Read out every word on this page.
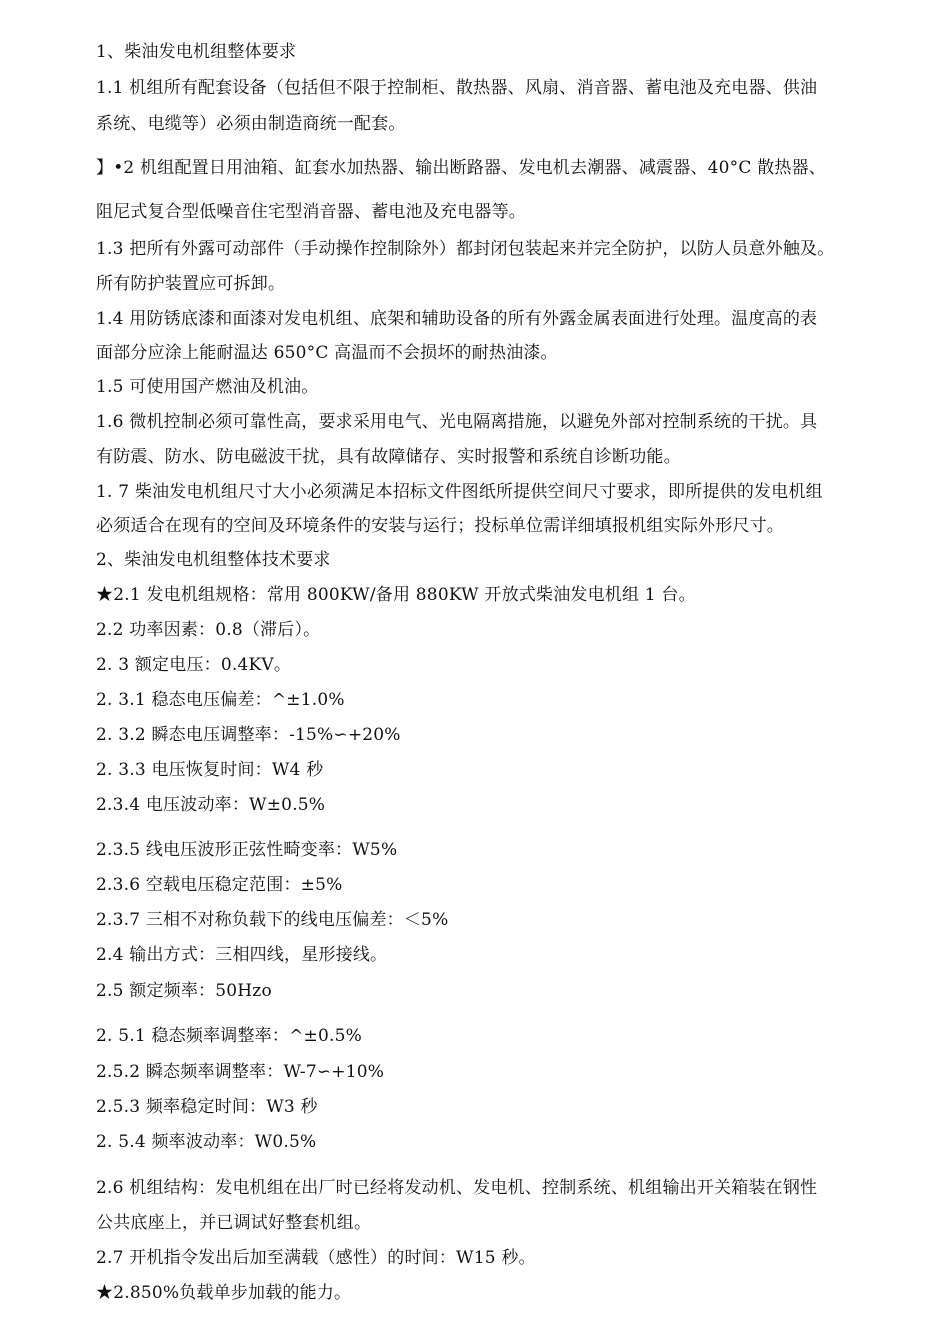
1、柴油发电机组整体要求
1.1 机组所有配套设备（包括但不限于控制柜、散热器、风扇、消音器、蓄电池及充电器、供油
系统、电缆等）必须由制造商统一配套。
】•2 机组配置日用油箱、缸套水加热器、输出断路器、发电机去潮器、减震器、40°C 散热器、
阻尼式复合型低噪音住宅型消音器、蓄电池及充电器等。
1.3 把所有外露可动部件（手动操作控制除外）都封闭包装起来并完全防护，以防人员意外触及。
所有防护装置应可拆卸。
1.4 用防锈底漆和面漆对发电机组、底架和辅助设备的所有外露金属表面进行处理。温度高的表
面部分应涂上能耐温达 650°C 高温而不会损坏的耐热油漆。
1.5 可使用国产燃油及机油。
1.6 微机控制必须可靠性高，要求采用电气、光电隔离措施，以避免外部对控制系统的干扰。具
有防震、防水、防电磁波干扰，具有故障储存、实时报警和系统自诊断功能。
1. 7 柴油发电机组尺寸大小必须满足本招标文件图纸所提供空间尺寸要求，即所提供的发电机组
必须适合在现有的空间及环境条件的安装与运行；投标单位需详细填报机组实际外形尺寸。
2、柴油发电机组整体技术要求
★2.1 发电机组规格：常用 800KW/备用 880KW 开放式柴油发电机组 1 台。
2.2 功率因素：0.8（滞后）。
2. 3 额定电压：0.4KV。
2. 3.1 稳态电压偏差：^±1.0%
2. 3.2 瞬态电压调整率：-15%∽+20%
2. 3.3 电压恢复时间：W4 秒
2.3.4 电压波动率：W±0.5%
2.3.5 线电压波形正弦性畸变率：W5%
2.3.6 空载电压稳定范围：±5%
2.3.7 三相不对称负载下的线电压偏差：＜5%
2.4 输出方式：三相四线，星形接线。
2.5 额定频率：50Hzo
2. 5.1 稳态频率调整率：^±0.5%
2.5.2 瞬态频率调整率：W-7∽+10%
2.5.3 频率稳定时间：W3 秒
2. 5.4 频率波动率：W0.5%
2.6 机组结构：发电机组在出厂时已经将发动机、发电机、控制系统、机组输出开关箱装在钢性
公共底座上，并已调试好整套机组。
2.7 开机指令发出后加至满载（感性）的时间：W15 秒。
★2.850%负载单步加载的能力。
